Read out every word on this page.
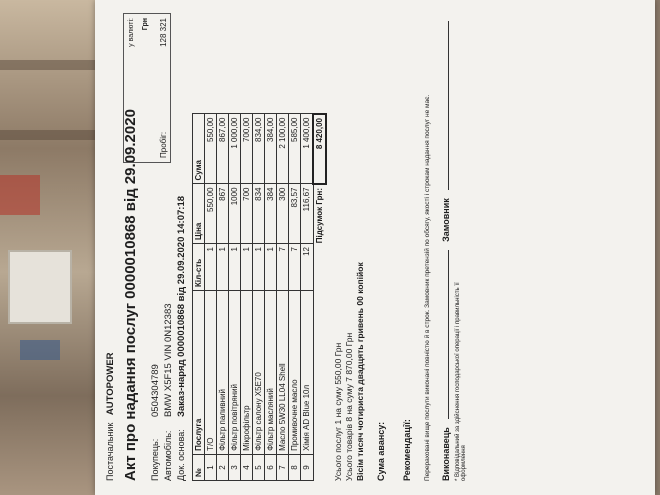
Постачальник   AUTOPOWER
у валюті: Грн
Пробіг:
128 321
Акт про надання послуг 0000010868 від 29.09.2020 Покупець:
0504304789
Автомобіль:
BMW X5F15 VIN 0N12383
Док. основа:
Заказ-наряд 0000010868 від 29.09.2020 14:07:18
№	Послуга	Кіл-сть	Ціна	Сума
1	Т/О	1	550,00	550,00
2	Фільтр паливний	1	867	867,00
3	Фільтр повітряний	1	1000	1 000,00
4	Мікрофільтр	1	700	700,00
5	Фільтр салону X5E70	1	834	834,00
6	Фільтр масляний	1	384	384,00
7	Масло 5W30 LL04 Shell	7	300	2 100,00
8	Промивочне масло	7	83,57	585,00
9	Хімія AD Blue 10л	12	116,67	1 400,00
		Підсумок Грн:		8 420,00
Усього послуг 1 на суму 550,00 Грн Усього товарів 8 на суму 7 870,00 Грн Вісім тисяч чотириста двадцять гривень 00 копійок Сума авансу: Рекомендації: Перераховані вище послуги виконані повністю й в строк. Замовник претензій по обсягу, якості і строкам надання послуг не має. Виконавець
Замовник
* Відповідальний за здійснення господарської операції і правильність її оформлення
